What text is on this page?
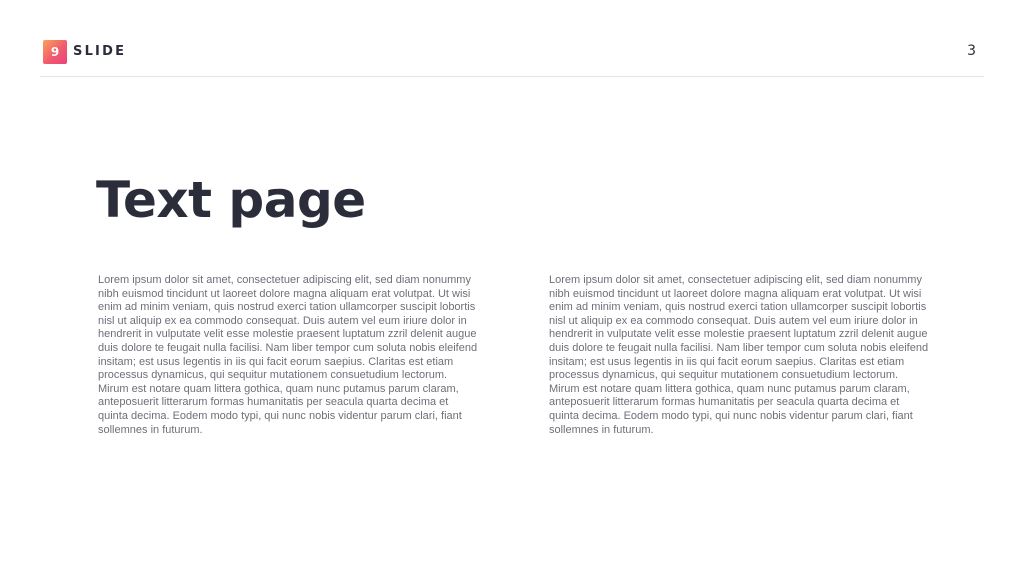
9	SLIDE	3
Text page

Lorem ipsum dolor sit amet, consectetuer adipiscing elit, sed diam nonummy nibh euismod tincidunt ut laoreet dolore magna aliquam erat volutpat. Ut wisi enim ad minim veniam, quis nostrud exerci tation ullamcorper suscipit lobortis nisl ut aliquip ex ea commodo consequat. Duis autem vel eum iriure dolor in hendrerit in vulputate velit esse molestie praesent luptatum zzril delenit augue duis dolore te feugait nulla facilisi. Nam liber tempor cum soluta nobis eleifend insitam; est usus legentis in iis qui facit eorum saepius. Claritas est etiam processus dynamicus, qui sequitur mutationem consuetudium lectorum. Mirum est notare quam littera gothica, quam nunc putamus parum claram, anteposuerit litterarum formas humanitatis per seacula quarta decima et quinta decima. Eodem modo typi, qui nunc nobis videntur parum clari, fiant sollemnes in futurum.

Lorem ipsum dolor sit amet, consectetuer adipiscing elit, sed diam nonummy nibh euismod tincidunt ut laoreet dolore magna aliquam erat volutpat. Ut wisi enim ad minim veniam, quis nostrud exerci tation ullamcorper suscipit lobortis nisl ut aliquip ex ea commodo consequat. Duis autem vel eum iriure dolor in hendrerit in vulputate velit esse molestie praesent luptatum zzril delenit augue duis dolore te feugait nulla facilisi. Nam liber tempor cum soluta nobis eleifend insitam; est usus legentis in iis qui facit eorum saepius. Claritas est etiam processus dynamicus, qui sequitur mutationem consuetudium lectorum. Mirum est notare quam littera gothica, quam nunc putamus parum claram, anteposuerit litterarum formas humanitatis per seacula quarta decima et quinta decima. Eodem modo typi, qui nunc nobis videntur parum clari, fiant sollemnes in futurum.
